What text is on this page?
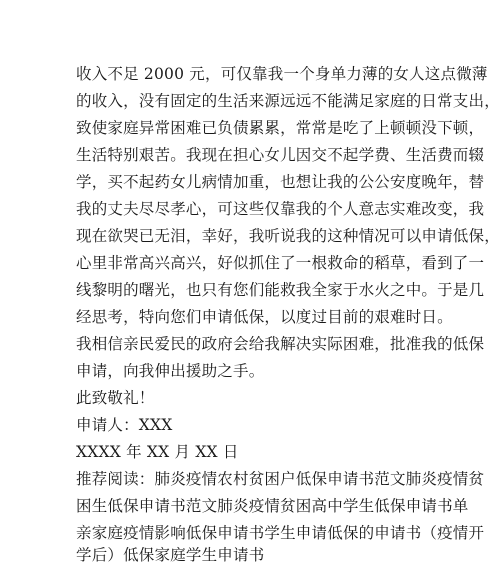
收入不足 2000 元，可仅靠我一个身单力薄的女人这点微薄
的收入，没有固定的生活来源远远不能满足家庭的日常支出，
致使家庭异常困难已负债累累，常常是吃了上顿顿没下顿，
生活特别艰苦。我现在担心女儿因交不起学费、生活费而辍
学，买不起药女儿病情加重，也想让我的公公安度晚年，替
我的丈夫尽尽孝心，可这些仅靠我的个人意志实难改变，我
现在欲哭已无泪，幸好，我听说我的这种情况可以申请低保，
心里非常高兴高兴，好似抓住了一根救命的稻草，看到了一
线黎明的曙光，也只有您们能救我全家于水火之中。于是几
经思考，特向您们申请低保，以度过目前的艰难时日。
我相信亲民爱民的政府会给我解决实际困难，批准我的低保
申请，向我伸出援助之手。
此致敬礼！
申请人：XXX
XXXX 年 XX 月 XX 日
推荐阅读：肺炎疫情农村贫困户低保申请书范文肺炎疫情贫
困生低保申请书范文肺炎疫情贫困高中学生低保申请书单
亲家庭疫情影响低保申请书学生申请低保的申请书（疫情开
学后）低保家庭学生申请书
